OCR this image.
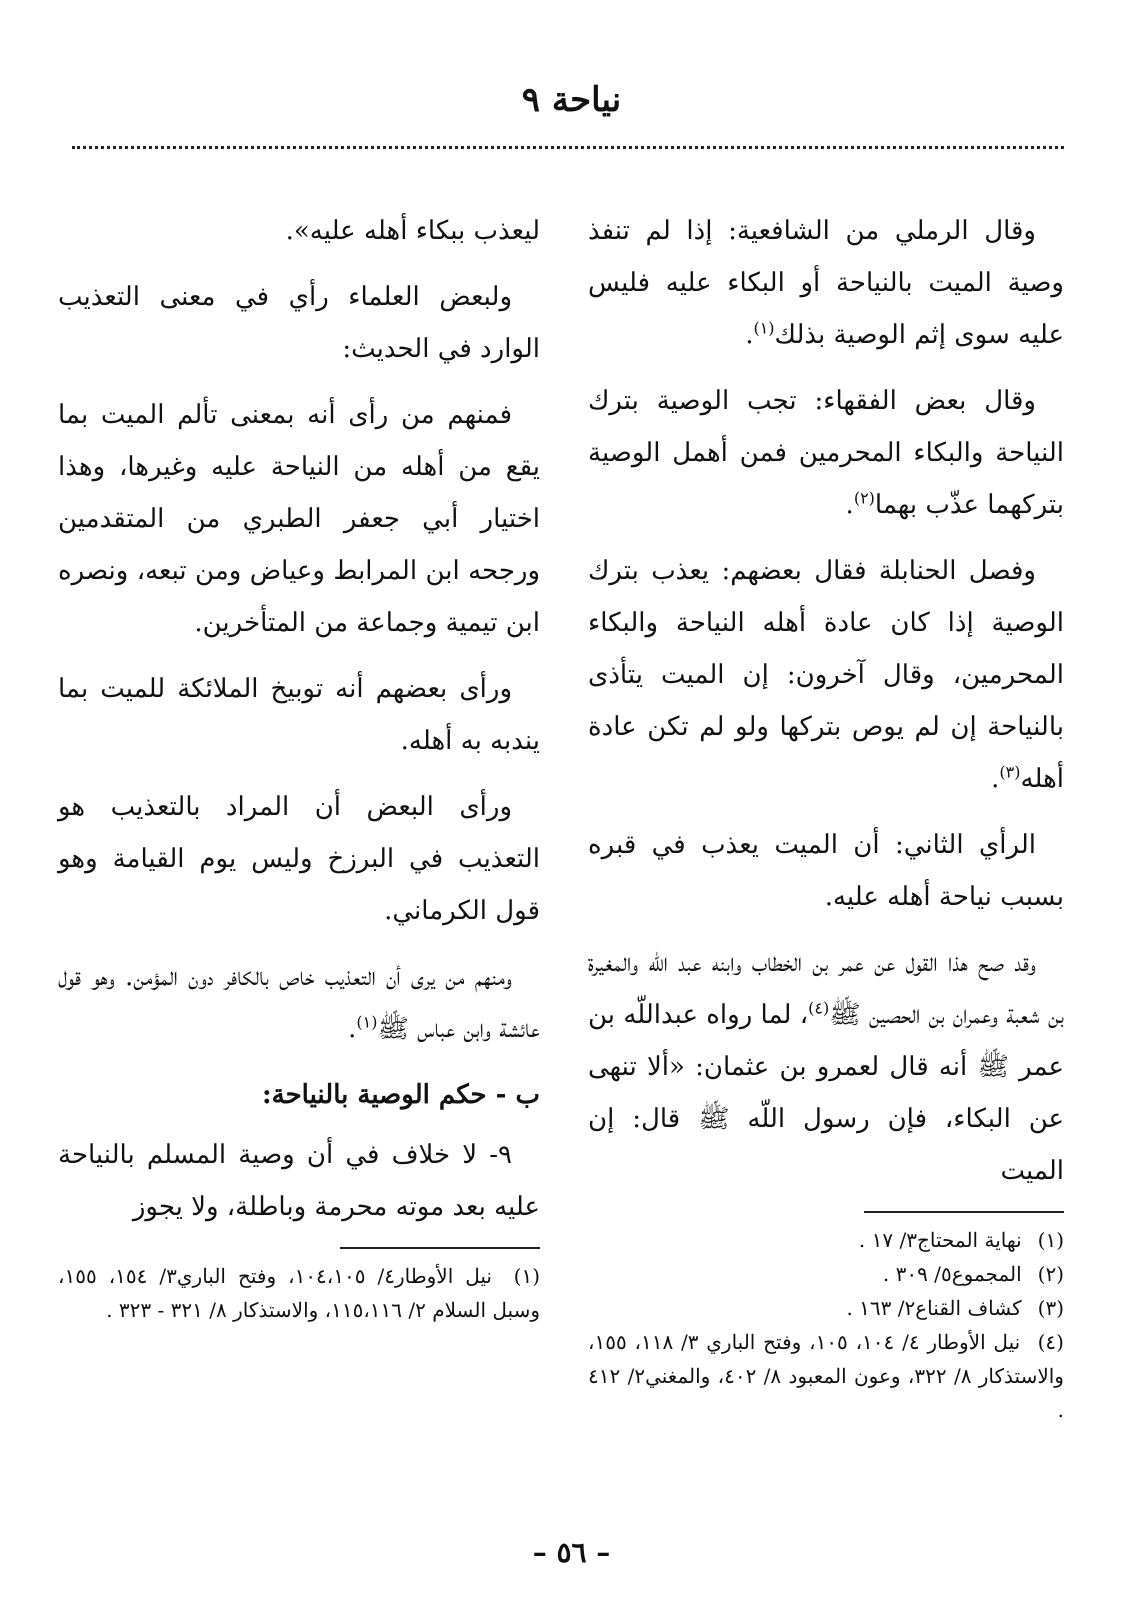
نياحة ٩

وقال الرملي من الشافعية: إذا لم تنفذ وصية الميت بالنياحة أو البكاء عليه فليس عليه سوى إثم الوصية بذلك$^{(١)}$.

وقال بعض الفقهاء: تجب الوصية بترك النياحة والبكاء المحرمين فمن أهمل الوصية بتركهما عذّب بهما$^{(٢)}$.

وفصل الحنابلة فقال بعضهم: يعذب بترك الوصية إذا كان عادة أهله النياحة والبكاء المحرمين، وقال آخرون: إن الميت يتأذى بالنياحة إن لم يوص بتركها ولو لم تكن عادة أهله$^{(٣)}$.

الرأي الثاني: أن الميت يعذب في قبره بسبب نياحة أهله عليه.

وقد صح هذا القول عن عمر بن الخطاب وابنه عبد اللّه والمغيرة بن شعبة وعمران بن الحصين ﷺ$^{(٤)}$، لما رواه عبداللّه بن عمر ﷺ أنه قال لعمرو بن عثمان: «ألا تنهى عن البكاء، فإن رسول اللّه ﷺ قال: إن الميت

(١) نهاية المحتاج٣/ ١٧ .

(٢) المجموع٥/ ٣٠٩ .

(٣) كشاف القناع٢/ ١٦٣ .

(٤) نيل الأوطار ٤/ ١٠٤، ١٠٥، وفتح الباري ٣/ ١١٨، ١٥٥، والاستذكار ٨/ ٣٢٢، وعون المعبود ٨/ ٤٠٢، والمغني٢/ ٤١٢ .

ليعذب ببكاء أهله عليه».

ولبعض العلماء رأي في معنى التعذيب الوارد في الحديث:

فمنهم من رأى أنه بمعنى تألم الميت بما يقع من أهله من النياحة عليه وغيرها، وهذا اختيار أبي جعفر الطبري من المتقدمين ورجحه ابن المرابط وعياض ومن تبعه، ونصره ابن تيمية وجماعة من المتأخرين.

ورأى بعضهم أنه توبيخ الملائكة للميت بما يندبه به أهله.

ورأى البعض أن المراد بالتعذيب هو التعذيب في البرزخ وليس يوم القيامة وهو قول الكرماني.

ومنهم من يرى أن التعذيب خاص بالكافر دون المؤمن. وهو قول عائشة وابن عباس ﷺ$^{(١)}$.

ب - حكم الوصية بالنياحة:

٩- لا خلاف في أن وصية المسلم بالنياحة عليه بعد موته محرمة وباطلة، ولا يجوز

(١) نيل الأوطار٤/ ١٠٤،١٠٥، وفتح الباري٣/ ١٥٤، ١٥٥، وسبل السلام ٢/ ١١٥،١١٦، والاستذكار ٨/ ٣٢١ - ٣٢٣ .

– ٥٦ –
